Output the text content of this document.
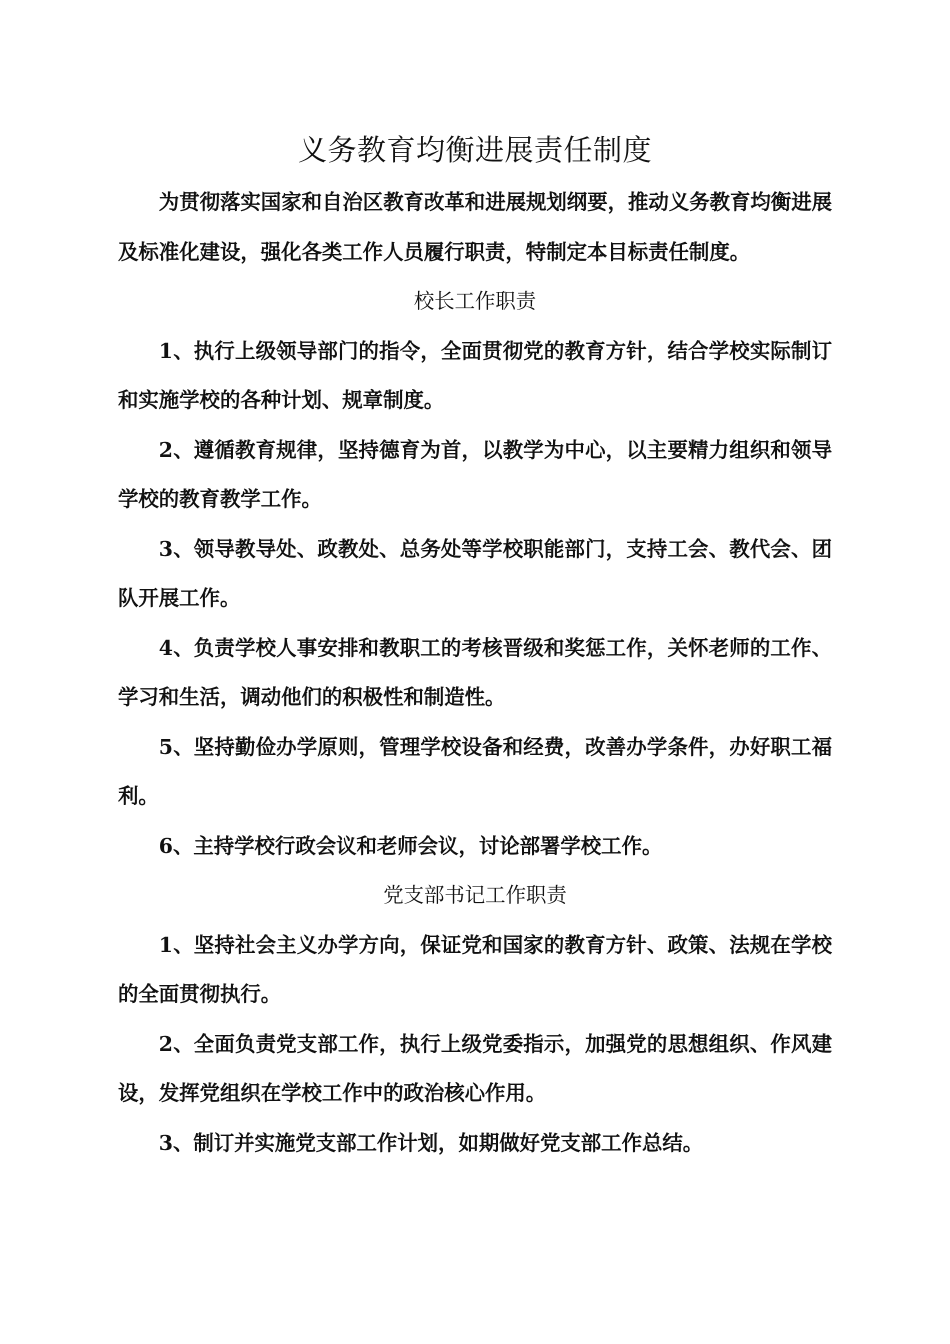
义务教育均衡进展责任制度

为贯彻落实国家和自治区教育改革和进展规划纲要，推动义务教育均衡进展及标准化建设，强化各类工作人员履行职责，特制定本目标责任制度。

校长工作职责

1、执行上级领导部门的指令，全面贯彻党的教育方针，结合学校实际制订和实施学校的各种计划、规章制度。

2、遵循教育规律，坚持德育为首，以教学为中心，以主要精力组织和领导学校的教育教学工作。

3、领导教导处、政教处、总务处等学校职能部门，支持工会、教代会、团队开展工作。

4、负责学校人事安排和教职工的考核晋级和奖惩工作，关怀老师的工作、学习和生活，调动他们的积极性和制造性。

5、坚持勤俭办学原则，管理学校设备和经费，改善办学条件，办好职工福利。

6、主持学校行政会议和老师会议，讨论部署学校工作。

党支部书记工作职责

1、坚持社会主义办学方向，保证党和国家的教育方针、政策、法规在学校的全面贯彻执行。

2、全面负责党支部工作，执行上级党委指示，加强党的思想组织、作风建设，发挥党组织在学校工作中的政治核心作用。

3、制订并实施党支部工作计划，如期做好党支部工作总结。
